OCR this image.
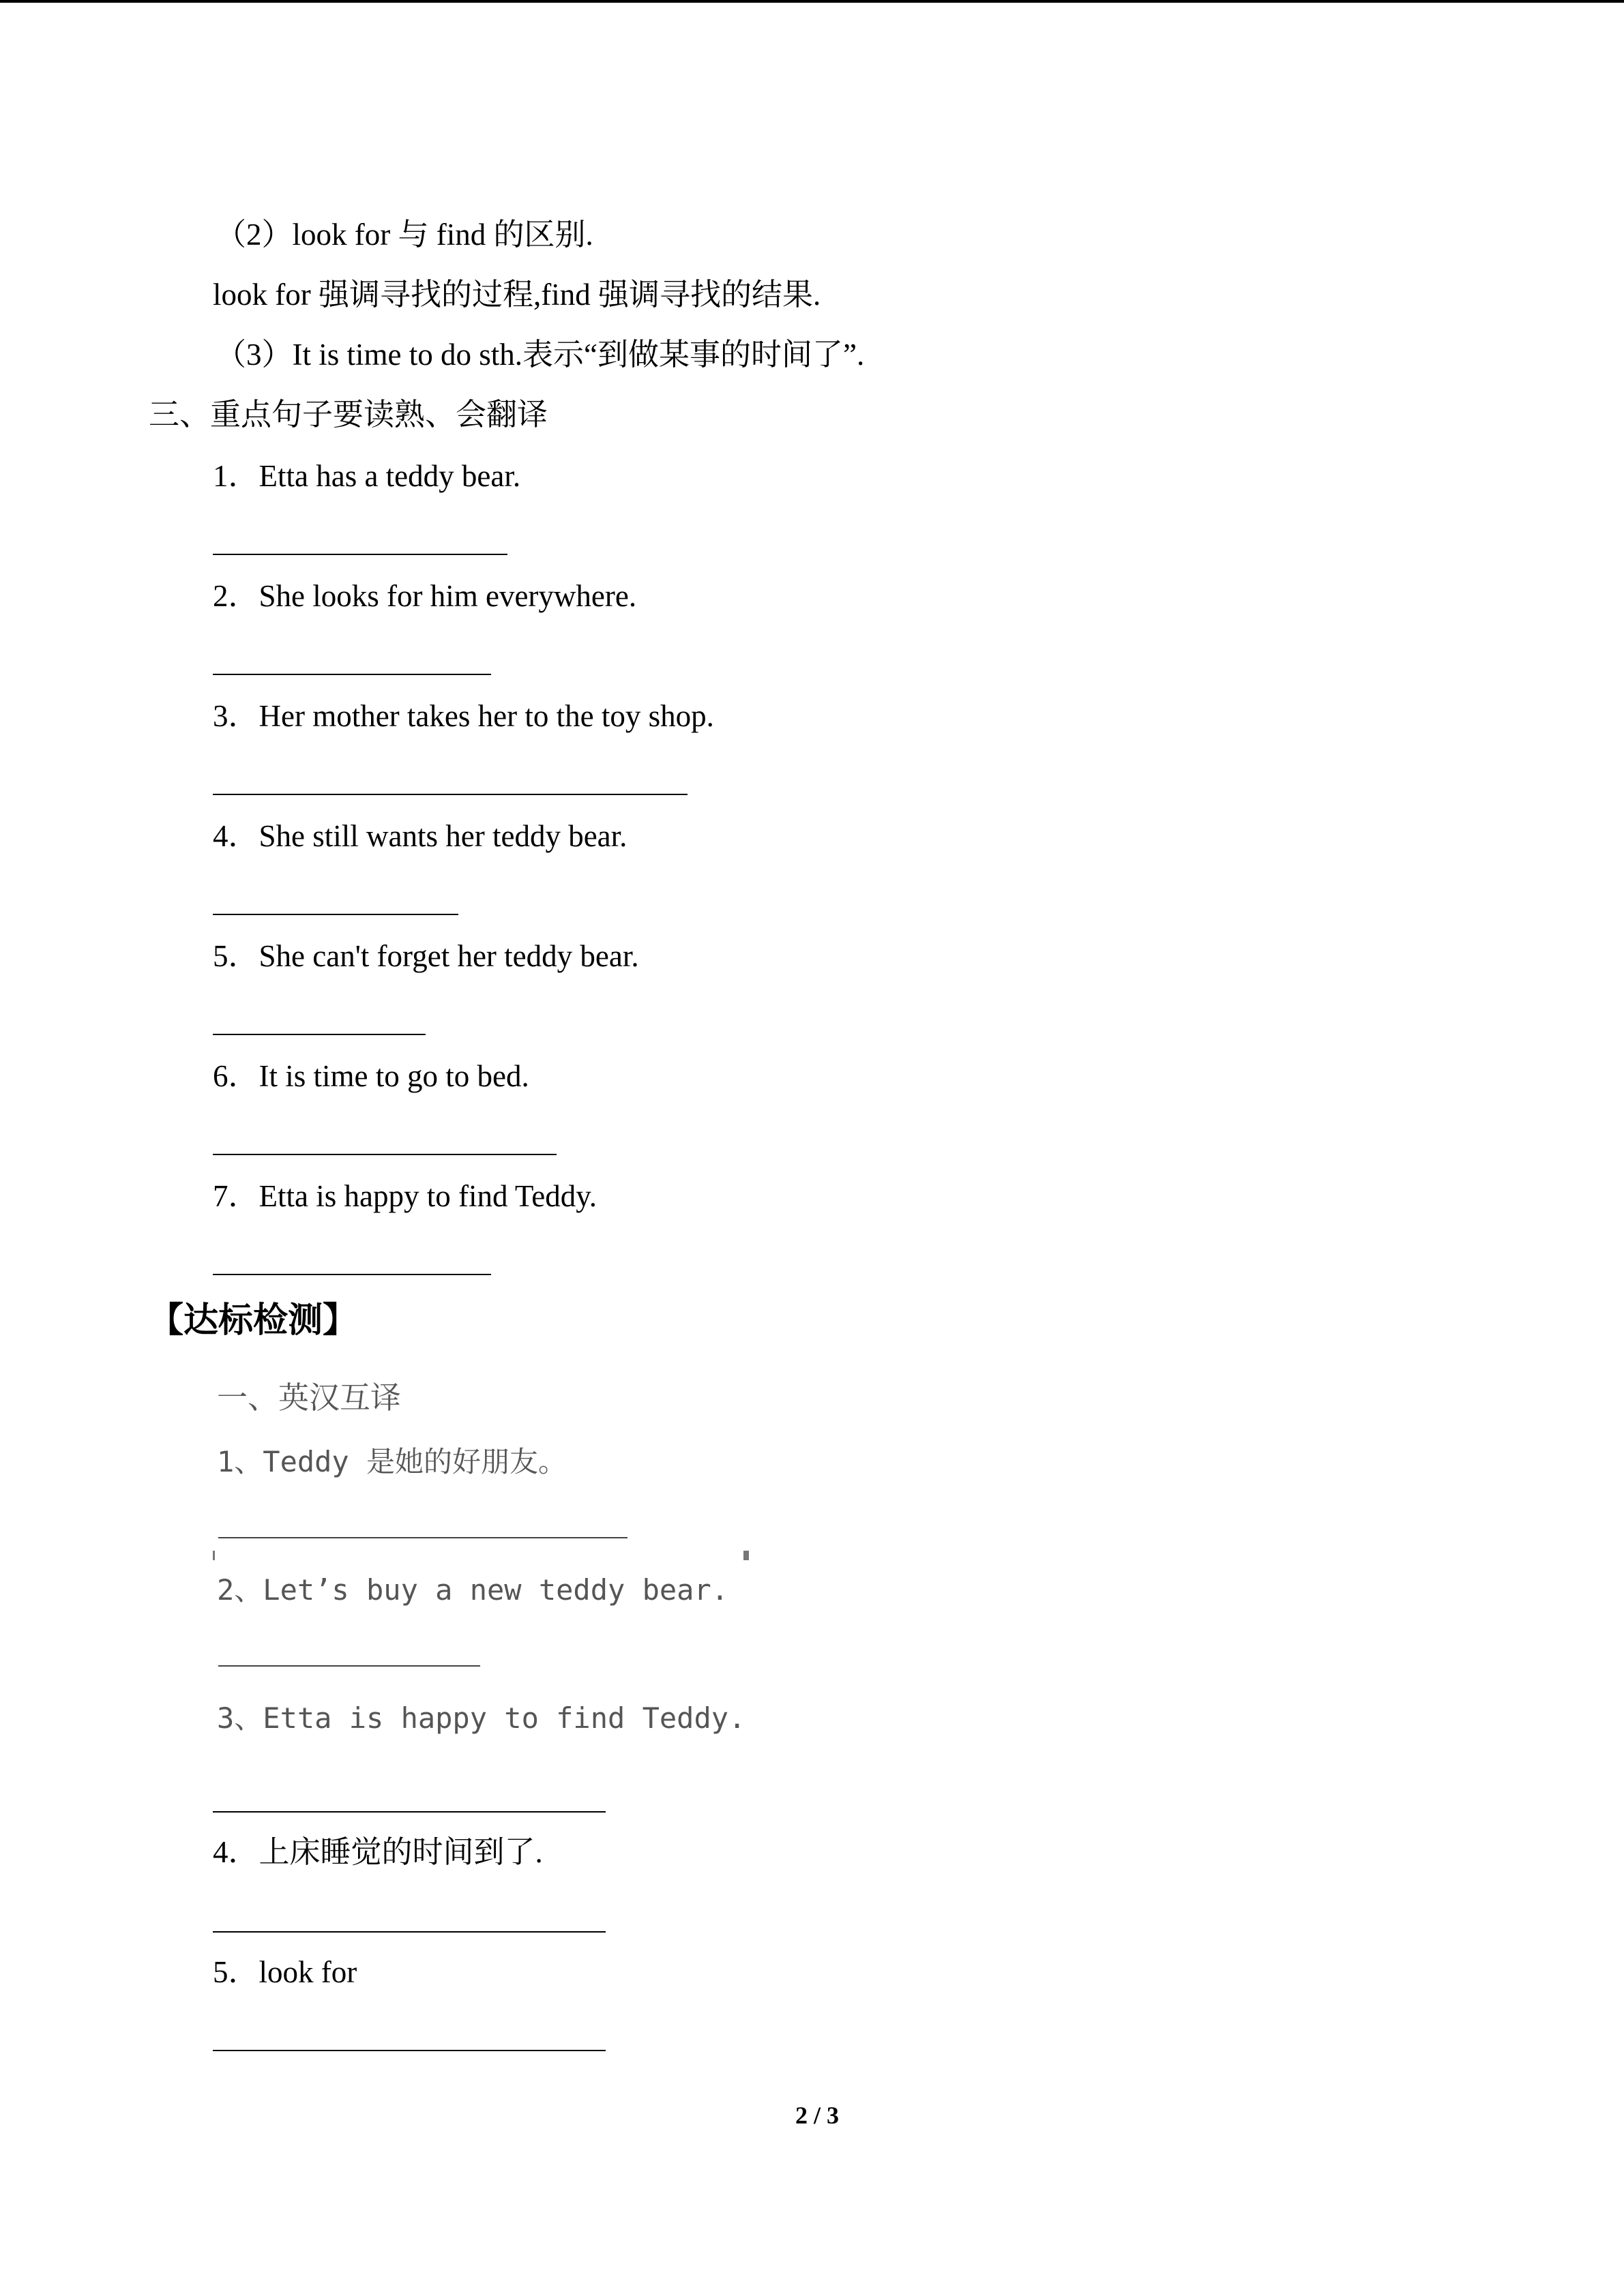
（2）look for 与 find 的区别.
look for 强调寻找的过程,find 强调寻找的结果.
（3）It is time to do sth.表示“到做某事的时间了”.
三、重点句子要读熟、会翻译
1．Etta has a teddy bear.
2．She looks for him everywhere.
3．Her mother takes her to the toy shop.
4．She still wants her teddy bear.
5．She can't forget her teddy bear.
6．It is time to go to bed.
7．Etta is happy to find Teddy.
【达标检测】
一、英汉互译
1、Teddy 是她的好朋友。
2、Let’s buy a new teddy bear.
3、Etta is happy to find Teddy.
4．上床睡觉的时间到了.
5．look for
2 / 3
